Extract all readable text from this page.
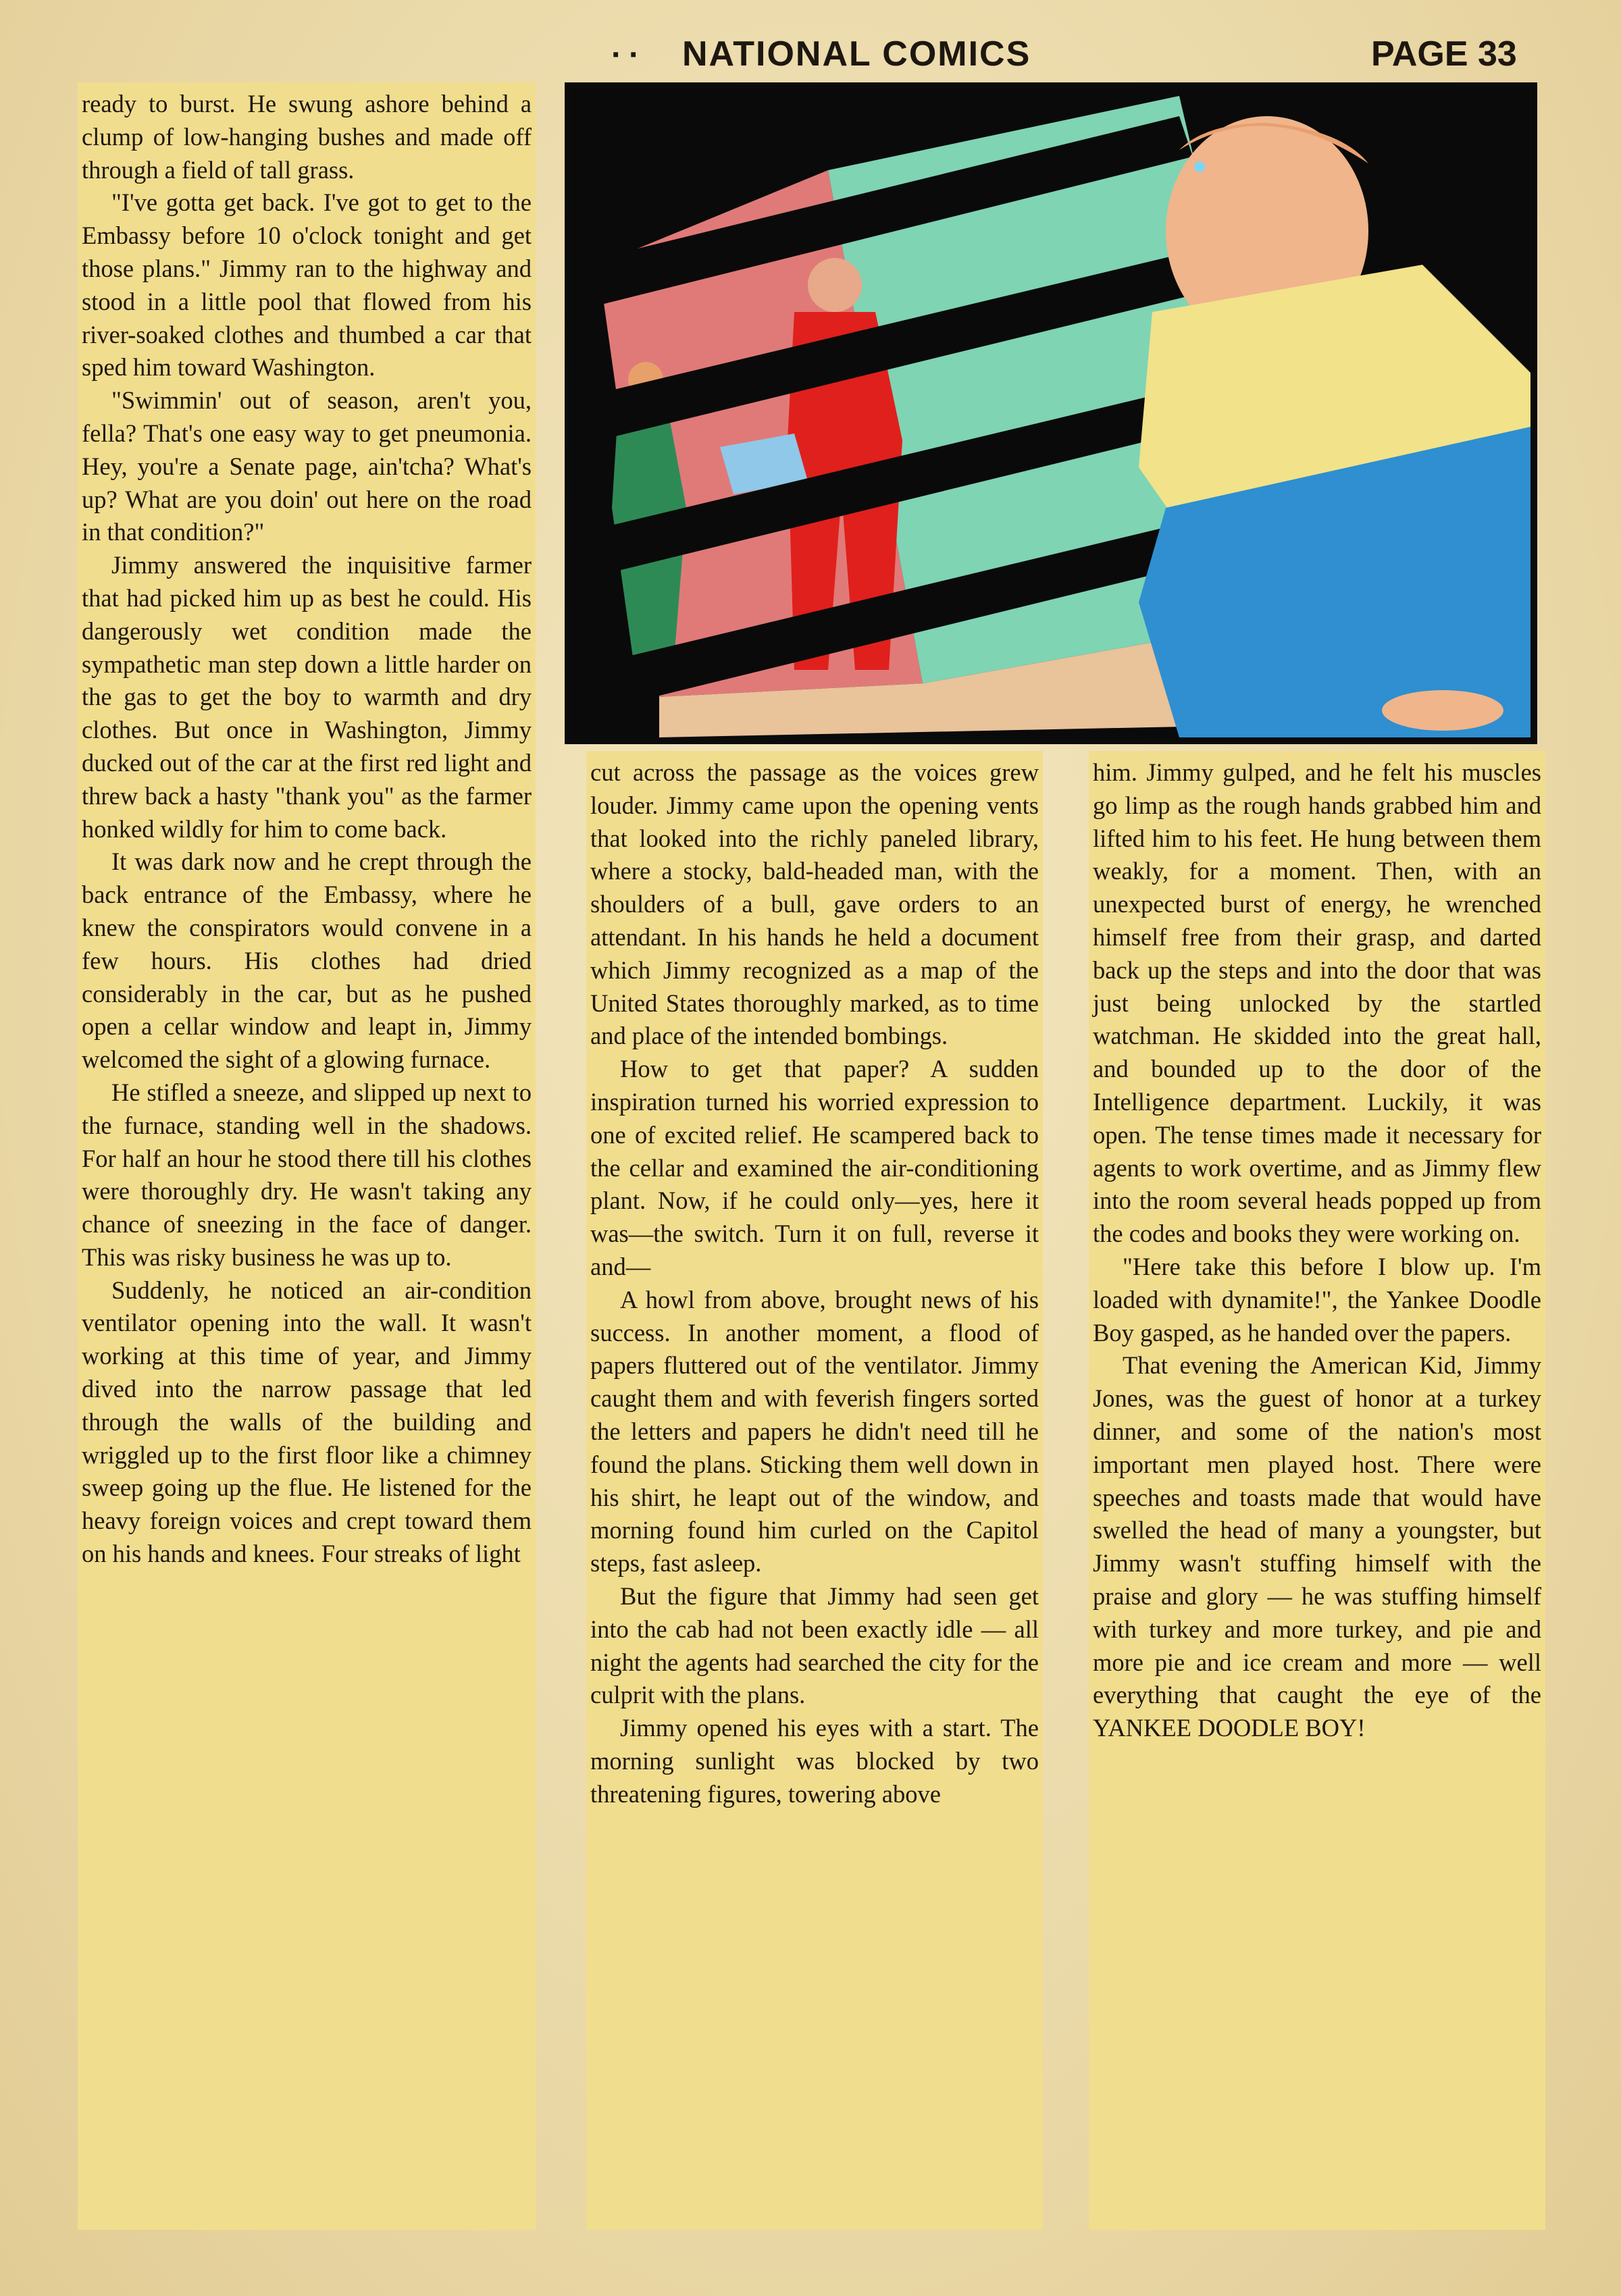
·· NATIONAL COMICS	PAGE 33

ready to burst. He swung ashore behind a clump of low-hanging bushes and made off through a field of tall grass.

"I've gotta get back. I've got to get to the Embassy before 10 o'clock tonight and get those plans." Jimmy ran to the highway and stood in a little pool that flowed from his river-soaked clothes and thumbed a car that sped him toward Washington.

"Swimmin' out of season, aren't you, fella? That's one easy way to get pneumonia. Hey, you're a Senate page, ain'tcha? What's up? What are you doin' out here on the road in that condition?"

Jimmy answered the inquisitive farmer that had picked him up as best he could. His dangerously wet condition made the sympathetic man step down a little harder on the gas to get the boy to warmth and dry clothes. But once in Washington, Jimmy ducked out of the car at the first red light and threw back a hasty "thank you" as the farmer honked wildly for him to come back.

It was dark now and he crept through the back entrance of the Embassy, where he knew the conspirators would convene in a few hours. His clothes had dried considerably in the car, but as he pushed open a cellar window and leapt in, Jimmy welcomed the sight of a glowing furnace.

He stifled a sneeze, and slipped up next to the furnace, standing well in the shadows. For half an hour he stood there till his clothes were thoroughly dry. He wasn't taking any chance of sneezing in the face of danger. This was risky business he was up to.

Suddenly, he noticed an air-condition ventilator opening into the wall. It wasn't working at this time of year, and Jimmy dived into the narrow passage that led through the walls of the building and wriggled up to the first floor like a chimney sweep going up the flue. He listened for the heavy foreign voices and crept toward them on his hands and knees. Four streaks of light

cut across the passage as the voices grew louder. Jimmy came upon the opening vents that looked into the richly paneled library, where a stocky, bald-headed man, with the shoulders of a bull, gave orders to an attendant. In his hands he held a document which Jimmy recognized as a map of the United States thoroughly marked, as to time and place of the intended bombings.

How to get that paper? A sudden inspiration turned his worried expression to one of excited relief. He scampered back to the cellar and examined the air-conditioning plant. Now, if he could only—yes, here it was—the switch. Turn it on full, reverse it and—

A howl from above, brought news of his success. In another moment, a flood of papers fluttered out of the ventilator. Jimmy caught them and with feverish fingers sorted the letters and papers he didn't need till he found the plans. Sticking them well down in his shirt, he leapt out of the window, and morning found him curled on the Capitol steps, fast asleep.

But the figure that Jimmy had seen get into the cab had not been exactly idle — all night the agents had searched the city for the culprit with the plans.

Jimmy opened his eyes with a start. The morning sunlight was blocked by two threatening figures, towering above

him. Jimmy gulped, and he felt his muscles go limp as the rough hands grabbed him and lifted him to his feet. He hung between them weakly, for a moment. Then, with an unexpected burst of energy, he wrenched himself free from their grasp, and darted back up the steps and into the door that was just being unlocked by the startled watchman. He skidded into the great hall, and bounded up to the door of the Intelligence department. Luckily, it was open. The tense times made it necessary for agents to work overtime, and as Jimmy flew into the room several heads popped up from the codes and books they were working on.

"Here take this before I blow up. I'm loaded with dynamite!", the Yankee Doodle Boy gasped, as he handed over the papers.

That evening the American Kid, Jimmy Jones, was the guest of honor at a turkey dinner, and some of the nation's most important men played host. There were speeches and toasts made that would have swelled the head of many a youngster, but Jimmy wasn't stuffing himself with the praise and glory — he was stuffing himself with turkey and more turkey, and pie and more pie and ice cream and more — well everything that caught the eye of the YANKEE DOODLE BOY!
